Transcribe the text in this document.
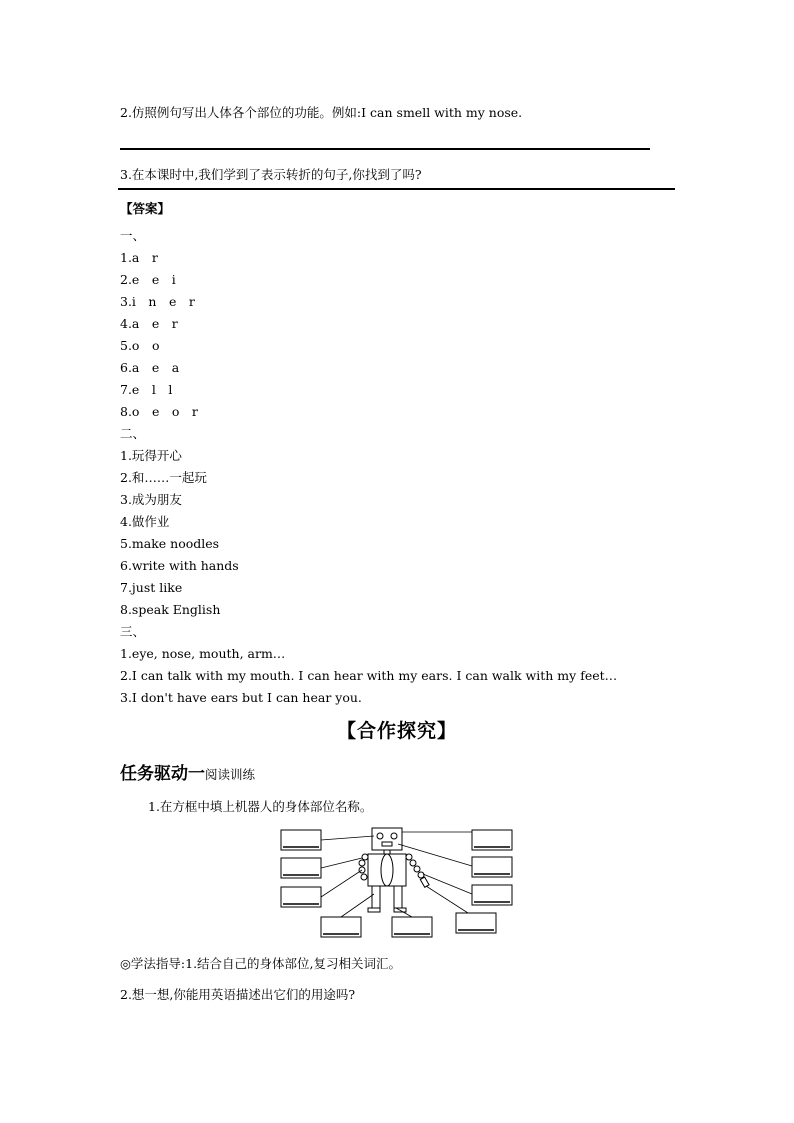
2.仿照例句写出人体各个部位的功能。例如:I can smell with my nose.
3.在本课时中,我们学到了表示转折的句子,你找到了吗?
【答案】
一、
1.a　r
2.e　e　i
3.i　n　e　r
4.a　e　r
5.o　o
6.a　e　a
7.e　l　l
8.o　e　o　r
二、
1.玩得开心
2.和……一起玩
3.成为朋友
4.做作业
5.make noodles
6.write with hands
7.just like
8.speak English
三、
1.eye, nose, mouth, arm…
2.I can talk with my mouth. I can hear with my ears. I can walk with my feet…
3.I don't have ears but I can hear you.
【合作探究】
任务驱动一阅读训练
1.在方框中填上机器人的身体部位名称。
◎学法指导:1.结合自己的身体部位,复习相关词汇。
2.想一想,你能用英语描述出它们的用途吗?
